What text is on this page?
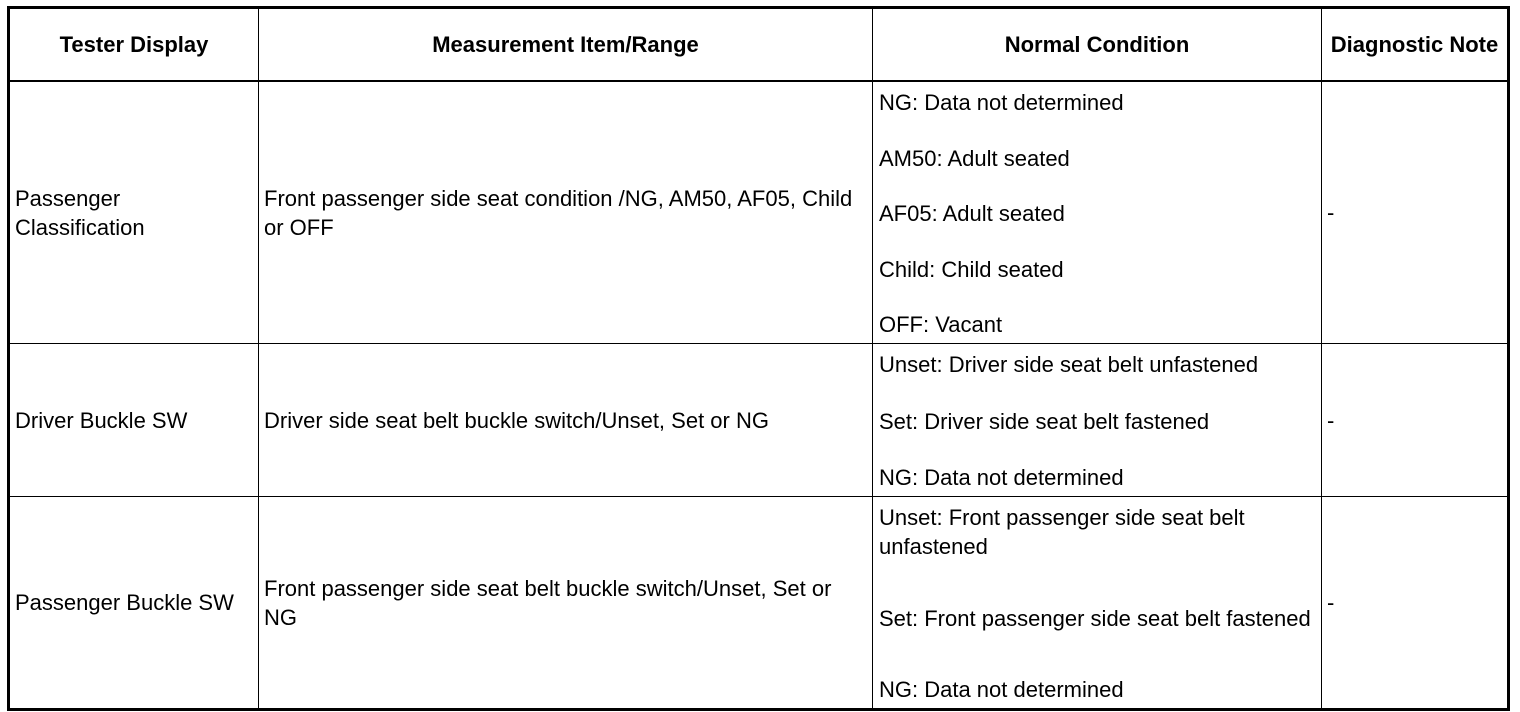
Tester Display	Measurement Item/Range	Normal Condition	Diagnostic Note
Passenger Classification	Front passenger side seat condition /NG, AM50, AF05, Child or OFF	NG: Data not determined
AM50: Adult seated
AF05: Adult seated
Child: Child seated
OFF: Vacant	-
Driver Buckle SW	Driver side seat belt buckle switch/Unset, Set or NG	Unset: Driver side seat belt unfastened
Set: Driver side seat belt fastened
NG: Data not determined	-
Passenger Buckle SW	Front passenger side seat belt buckle switch/Unset, Set or NG	Unset: Front passenger side seat belt unfastened
Set: Front passenger side seat belt fastened
NG: Data not determined	-
